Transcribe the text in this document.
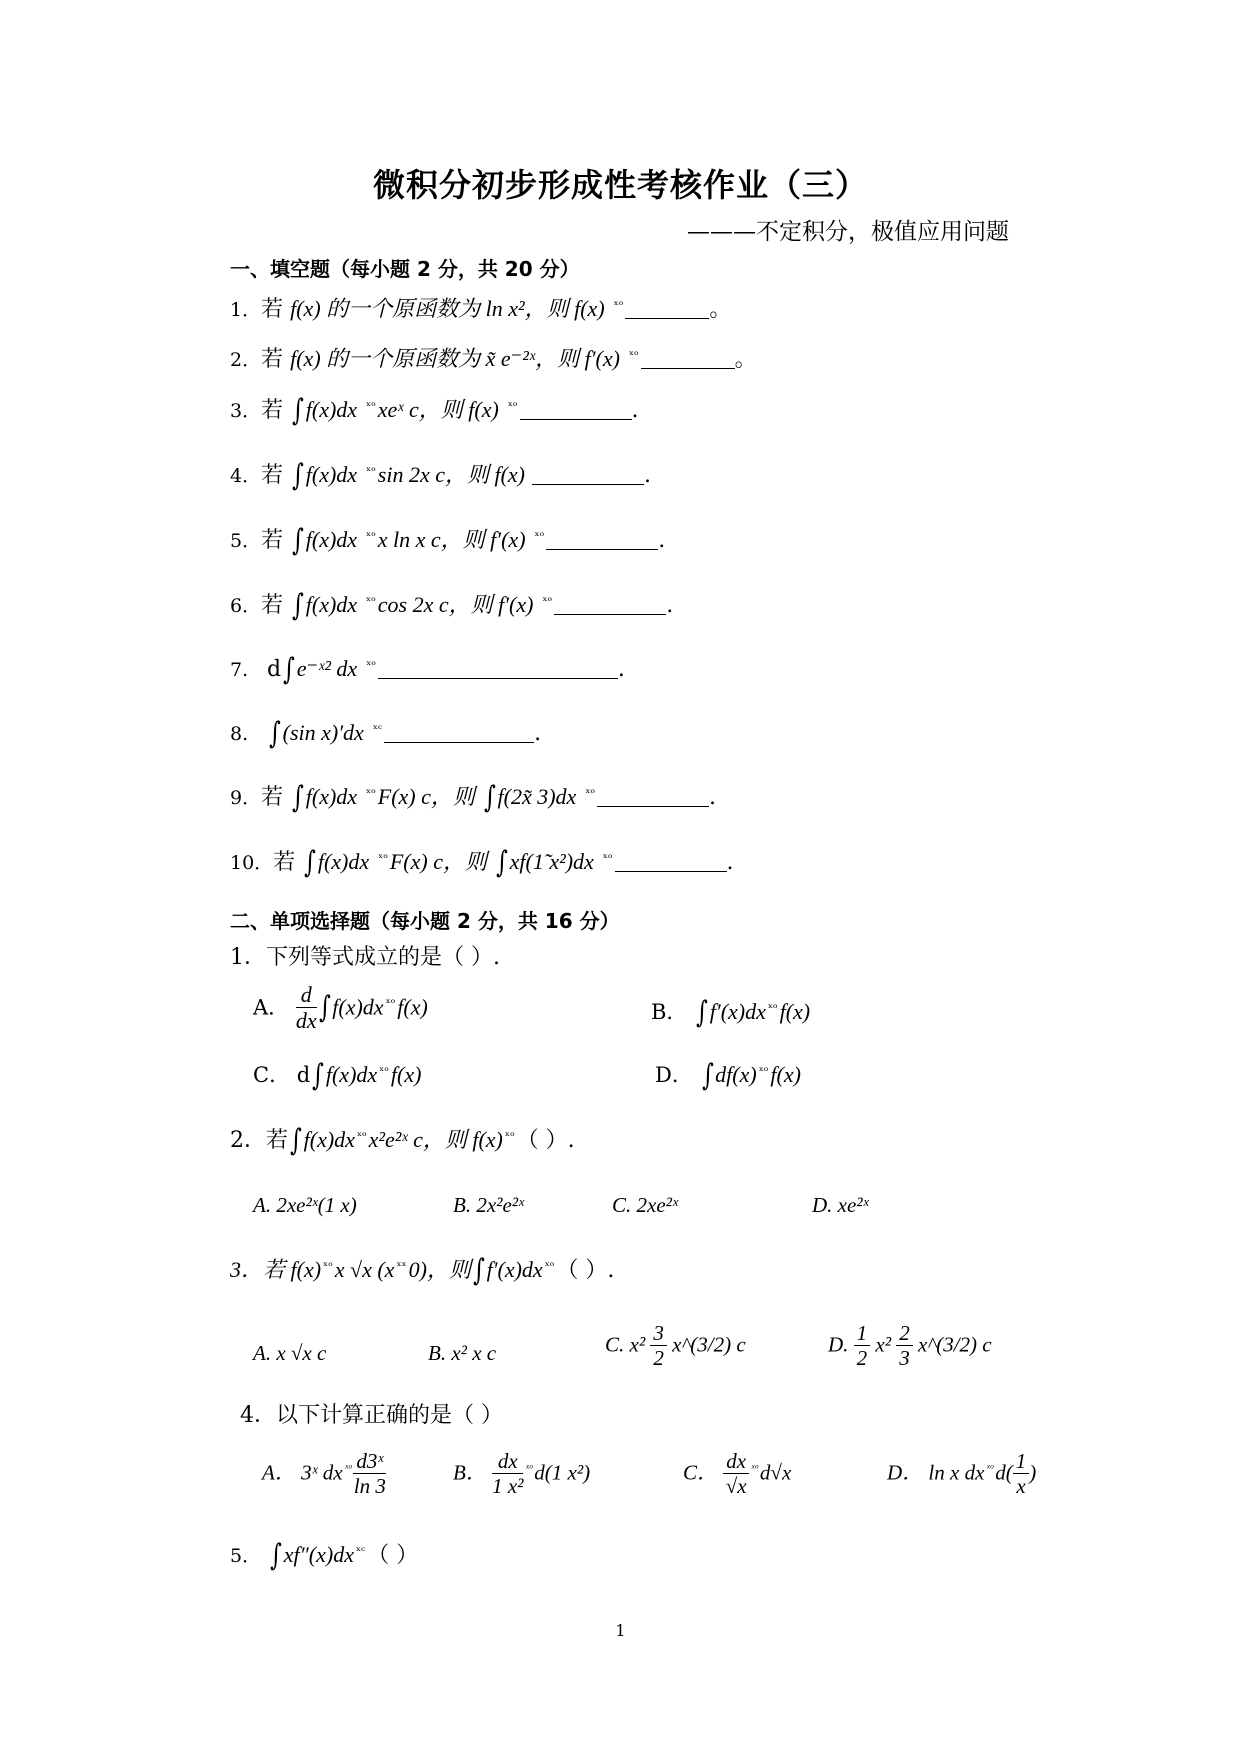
微积分初步形成性考核作业（三）
———不定积分，极值应用问题
一、填空题（每小题 2 分，共 20 分）
1．若 f(x) 的一个原函数为 ln x²，则 f(x) $^{ˣᵒ}$	。
2．若 f(x) 的一个原函数为 x̃ e⁻²ˣ，则 f′(x) $^{ˣᵒ}$	。
3．若 ∫f(x)dx $^{ˣᵒ}$xeˣ c，则 f(x) $^{ˣᵒ}$	.
4．若 ∫f(x)dx $^{ˣᵒ}$sin 2x c，则 f(x)	.
5．若 ∫f(x)dx $^{ˣᵒ}$x ln x c，则 f′(x) $^{ˣᵒ}$	.
6．若 ∫f(x)dx $^{ˣᵒ}$cos 2x c，则 f′(x) $^{ˣᵒ}$	.
7. d∫e⁻ˣ² dx $^{ˣᵒ}$	.
8. ∫(sin x)′dx $^{ˣᶜ}$	.
9．若 ∫f(x)dx $^{ˣᵒ}$F(x) c，则 ∫f(2x̃ 3)dx $^{ˣᵒ}$	.
10．若 ∫f(x)dx $^{ˣᵒ}$F(x) c，则 ∫xf(1̃ x²)dx $^{ˣᵒ}$	.
二、单项选择题（每小题 2 分，共 16 分）
1．下列等式成立的是（ ）.
A． $\frac{d}{dx} \int f(x)dx$ $^{ˣᵒ}$f(x)	B． ∫f′(x)dx $^{ˣᵒ}$f(x)
C． d∫f(x)dx $^{ˣᵒ}$f(x)	D． ∫df(x) $^{ˣᵒ}$f(x)
2．若∫f(x)dx $^{ˣᵒ}$x²e²ˣ c，则 f(x) $^{ˣᵒ}$（ ）.
A. 2xe²ˣ(1 x)	B. 2x²e²ˣ	C. 2xe²ˣ	D. xe²ˣ
3．若 f(x) $^{ˣᵒ}$x √x (x $^{ˣˣ}$0)，则∫f′(x)dx $^{ˣᵒ}$（ ）.
A. x √x c	B. x² x c	C. $x^2 \frac{3}{2}$ x^(3/2) c	D. $\frac{1}{2} x^2 \frac{2}{3}$ x^(3/2) c
4．以下计算正确的是（ ）
A． 3ˣ dx $^{ˣᵒ} \frac{\text{d3ˣ}}{\ln 3}$	B． $\frac{dx}{\text{1 x²}} ^{ˣᵒ}d(1$ x²)	C． $\frac{dx}{√x} ^{ˣᵒ}d√x$	D． ln x dx $^{ˣᵒ}d( \frac{1}{x}$ )
5． ∫xf″(x)dx $^{ˣᶜ}$（ ）
1
